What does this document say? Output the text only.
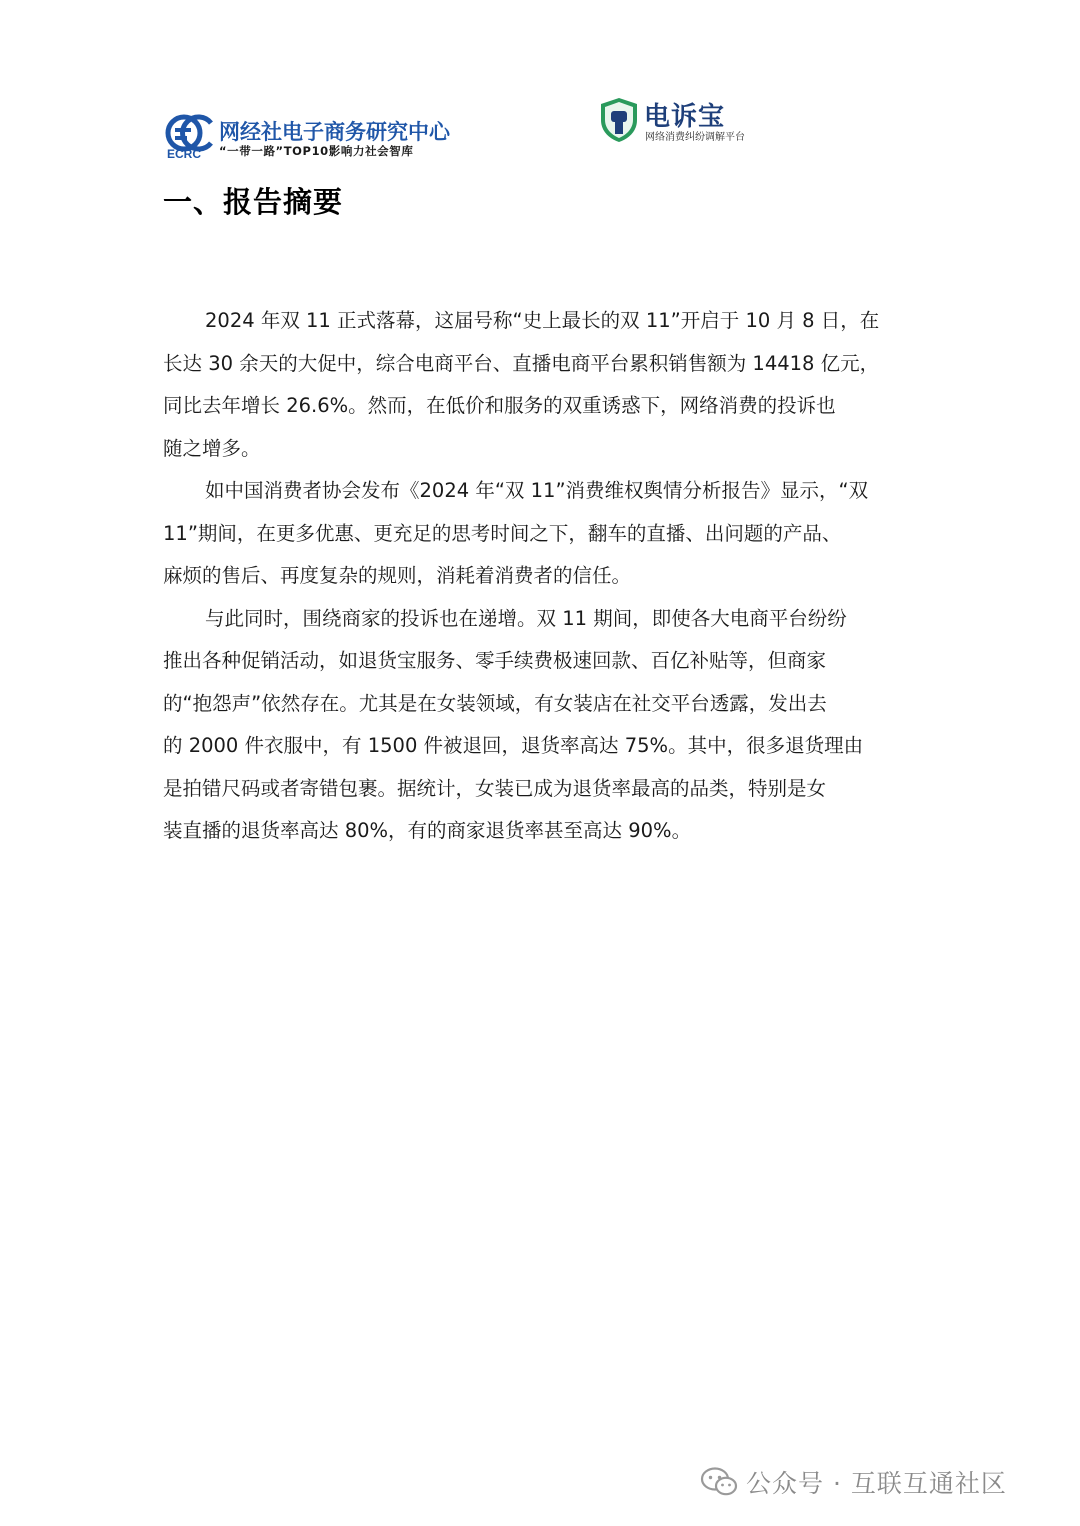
ECRC
网经社电子商务研究中心
“一带一路”TOP10影响力社会智库
电诉宝
网络消费纠纷调解平台
一、报告摘要

2024 年双 11 正式落幕，这届号称“史上最长的双 11”开启于 10 月 8 日，在

长达 30 余天的大促中，综合电商平台、直播电商平台累积销售额为 14418 亿元，

同比去年增长 26.6%。然而，在低价和服务的双重诱惑下，网络消费的投诉也

随之增多。

如中国消费者协会发布《2024 年“双 11”消费维权舆情分析报告》显示，“双

11”期间，在更多优惠、更充足的思考时间之下，翻车的直播、出问题的产品、

麻烦的售后、再度复杂的规则，消耗着消费者的信任。

与此同时，围绕商家的投诉也在递增。双 11 期间，即使各大电商平台纷纷

推出各种促销活动，如退货宝服务、零手续费极速回款、百亿补贴等，但商家

的“抱怨声”依然存在。尤其是在女装领域，有女装店在社交平台透露，发出去

的 2000 件衣服中，有 1500 件被退回，退货率高达 75%。其中，很多退货理由

是拍错尺码或者寄错包裹。据统计，女装已成为退货率最高的品类，特别是女

装直播的退货率高达 80%，有的商家退货率甚至高达 90%。

公众号 · 互联互通社区
